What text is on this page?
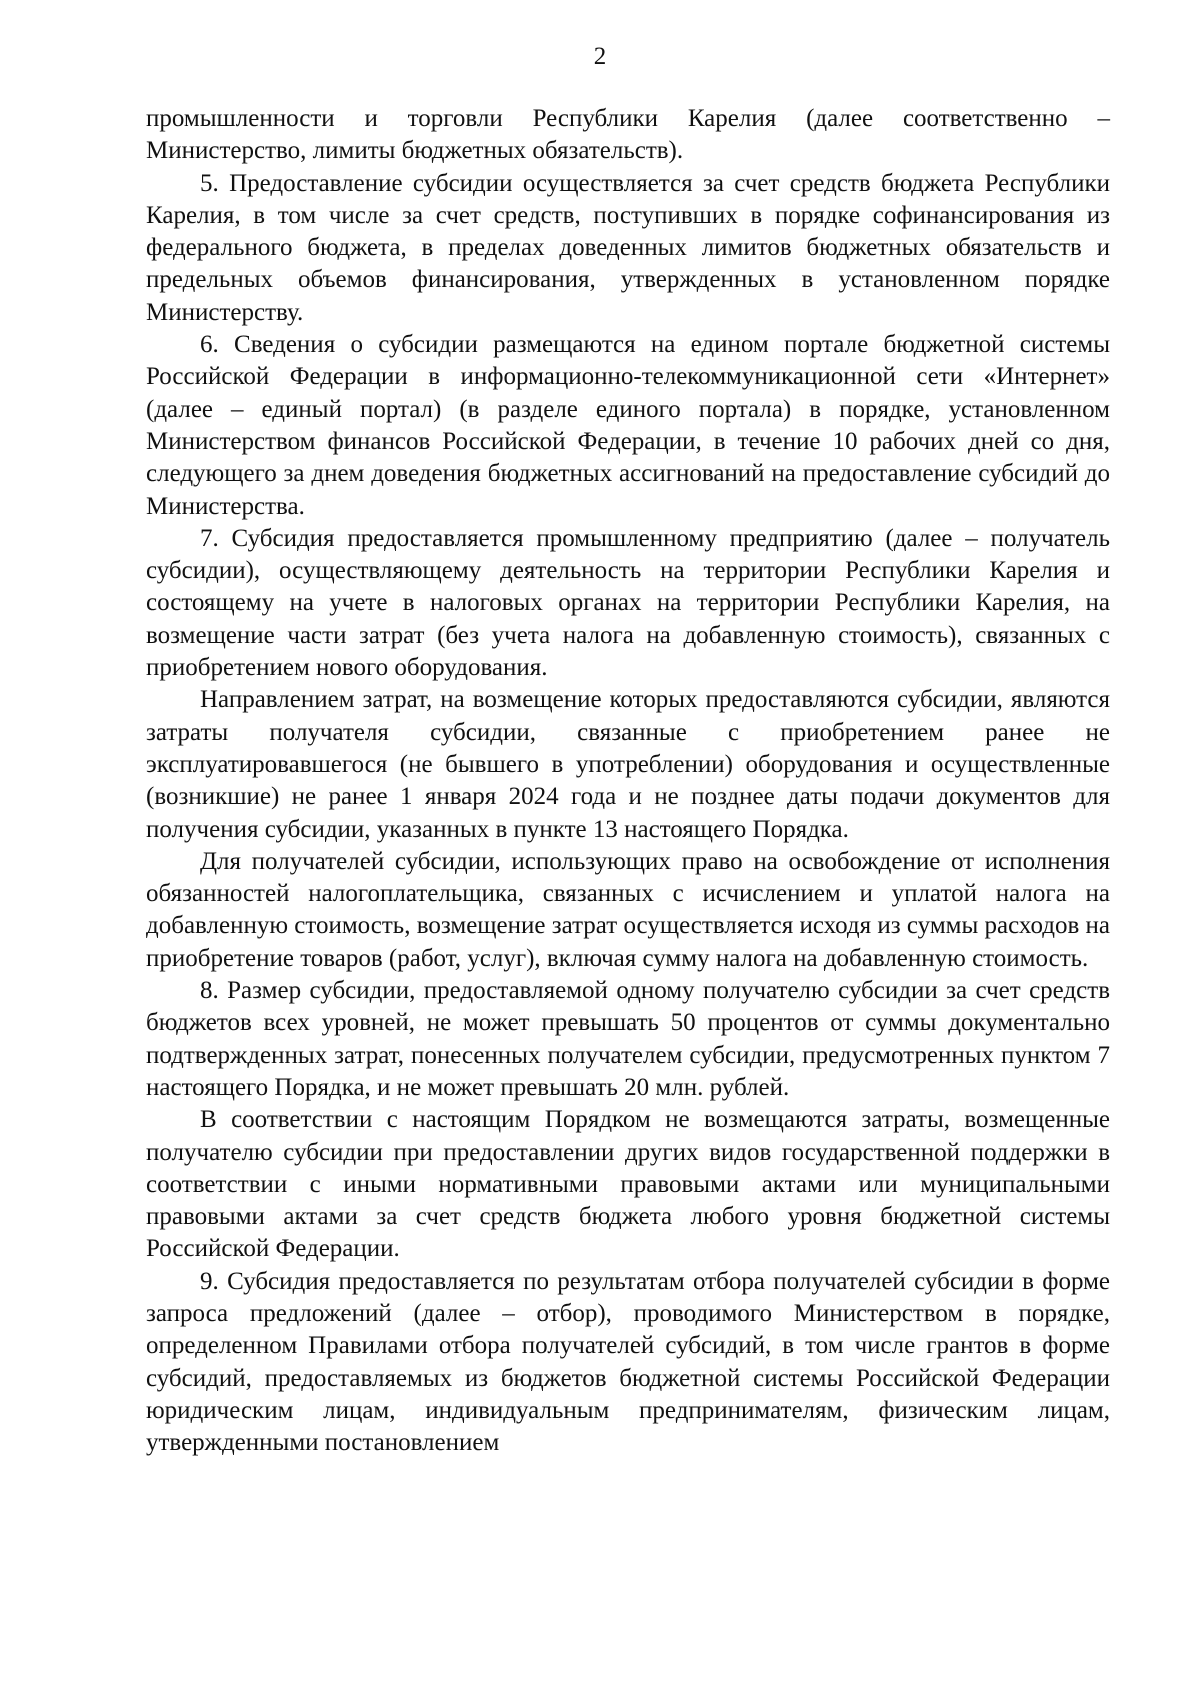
2

промышленности и торговли Республики Карелия (далее соответственно – Министерство, лимиты бюджетных обязательств).

5. Предоставление субсидии осуществляется за счет средств бюджета Республики Карелия, в том числе за счет средств, поступивших в порядке софинансирования из федерального бюджета, в пределах доведенных лимитов бюджетных обязательств и предельных объемов финансирования, утвержденных в установленном порядке Министерству.

6. Сведения о субсидии размещаются на едином портале бюджетной системы Российской Федерации в информационно-телекоммуникационной сети «Интернет» (далее – единый портал) (в разделе единого портала) в порядке, установленном Министерством финансов Российской Федерации, в течение 10 рабочих дней со дня, следующего за днем доведения бюджетных ассигнований на предоставление субсидий до Министерства.

7. Субсидия предоставляется промышленному предприятию (далее – получатель субсидии), осуществляющему деятельность на территории Республики Карелия и состоящему на учете в налоговых органах на территории Республики Карелия, на возмещение части затрат (без учета налога на добавленную стоимость), связанных с приобретением нового оборудования.

Направлением затрат, на возмещение которых предоставляются субсидии, являются затраты получателя субсидии, связанные с приобретением ранее не эксплуатировавшегося (не бывшего в употреблении) оборудования и осуществленные (возникшие) не ранее 1 января 2024 года и не позднее даты подачи документов для получения субсидии, указанных в пункте 13 настоящего Порядка.

Для получателей субсидии, использующих право на освобождение от исполнения обязанностей налогоплательщика, связанных с исчислением и уплатой налога на добавленную стоимость, возмещение затрат осуществляется исходя из суммы расходов на приобретение товаров (работ, услуг), включая сумму налога на добавленную стоимость.

8. Размер субсидии, предоставляемой одному получателю субсидии за счет средств бюджетов всех уровней, не может превышать 50 процентов от суммы документально подтвержденных затрат, понесенных получателем субсидии, предусмотренных пунктом 7 настоящего Порядка, и не может превышать 20 млн. рублей.

В соответствии с настоящим Порядком не возмещаются затраты, возмещенные получателю субсидии при предоставлении других видов государственной поддержки в соответствии с иными нормативными правовыми актами или муниципальными правовыми актами за счет средств бюджета любого уровня бюджетной системы Российской Федерации.

9. Субсидия предоставляется по результатам отбора получателей субсидии в форме запроса предложений (далее – отбор), проводимого Министерством в порядке, определенном Правилами отбора получателей субсидий, в том числе грантов в форме субсидий, предоставляемых из бюджетов бюджетной системы Российской Федерации юридическим лицам, индивидуальным предпринимателям, физическим лицам, утвержденными постановлением
